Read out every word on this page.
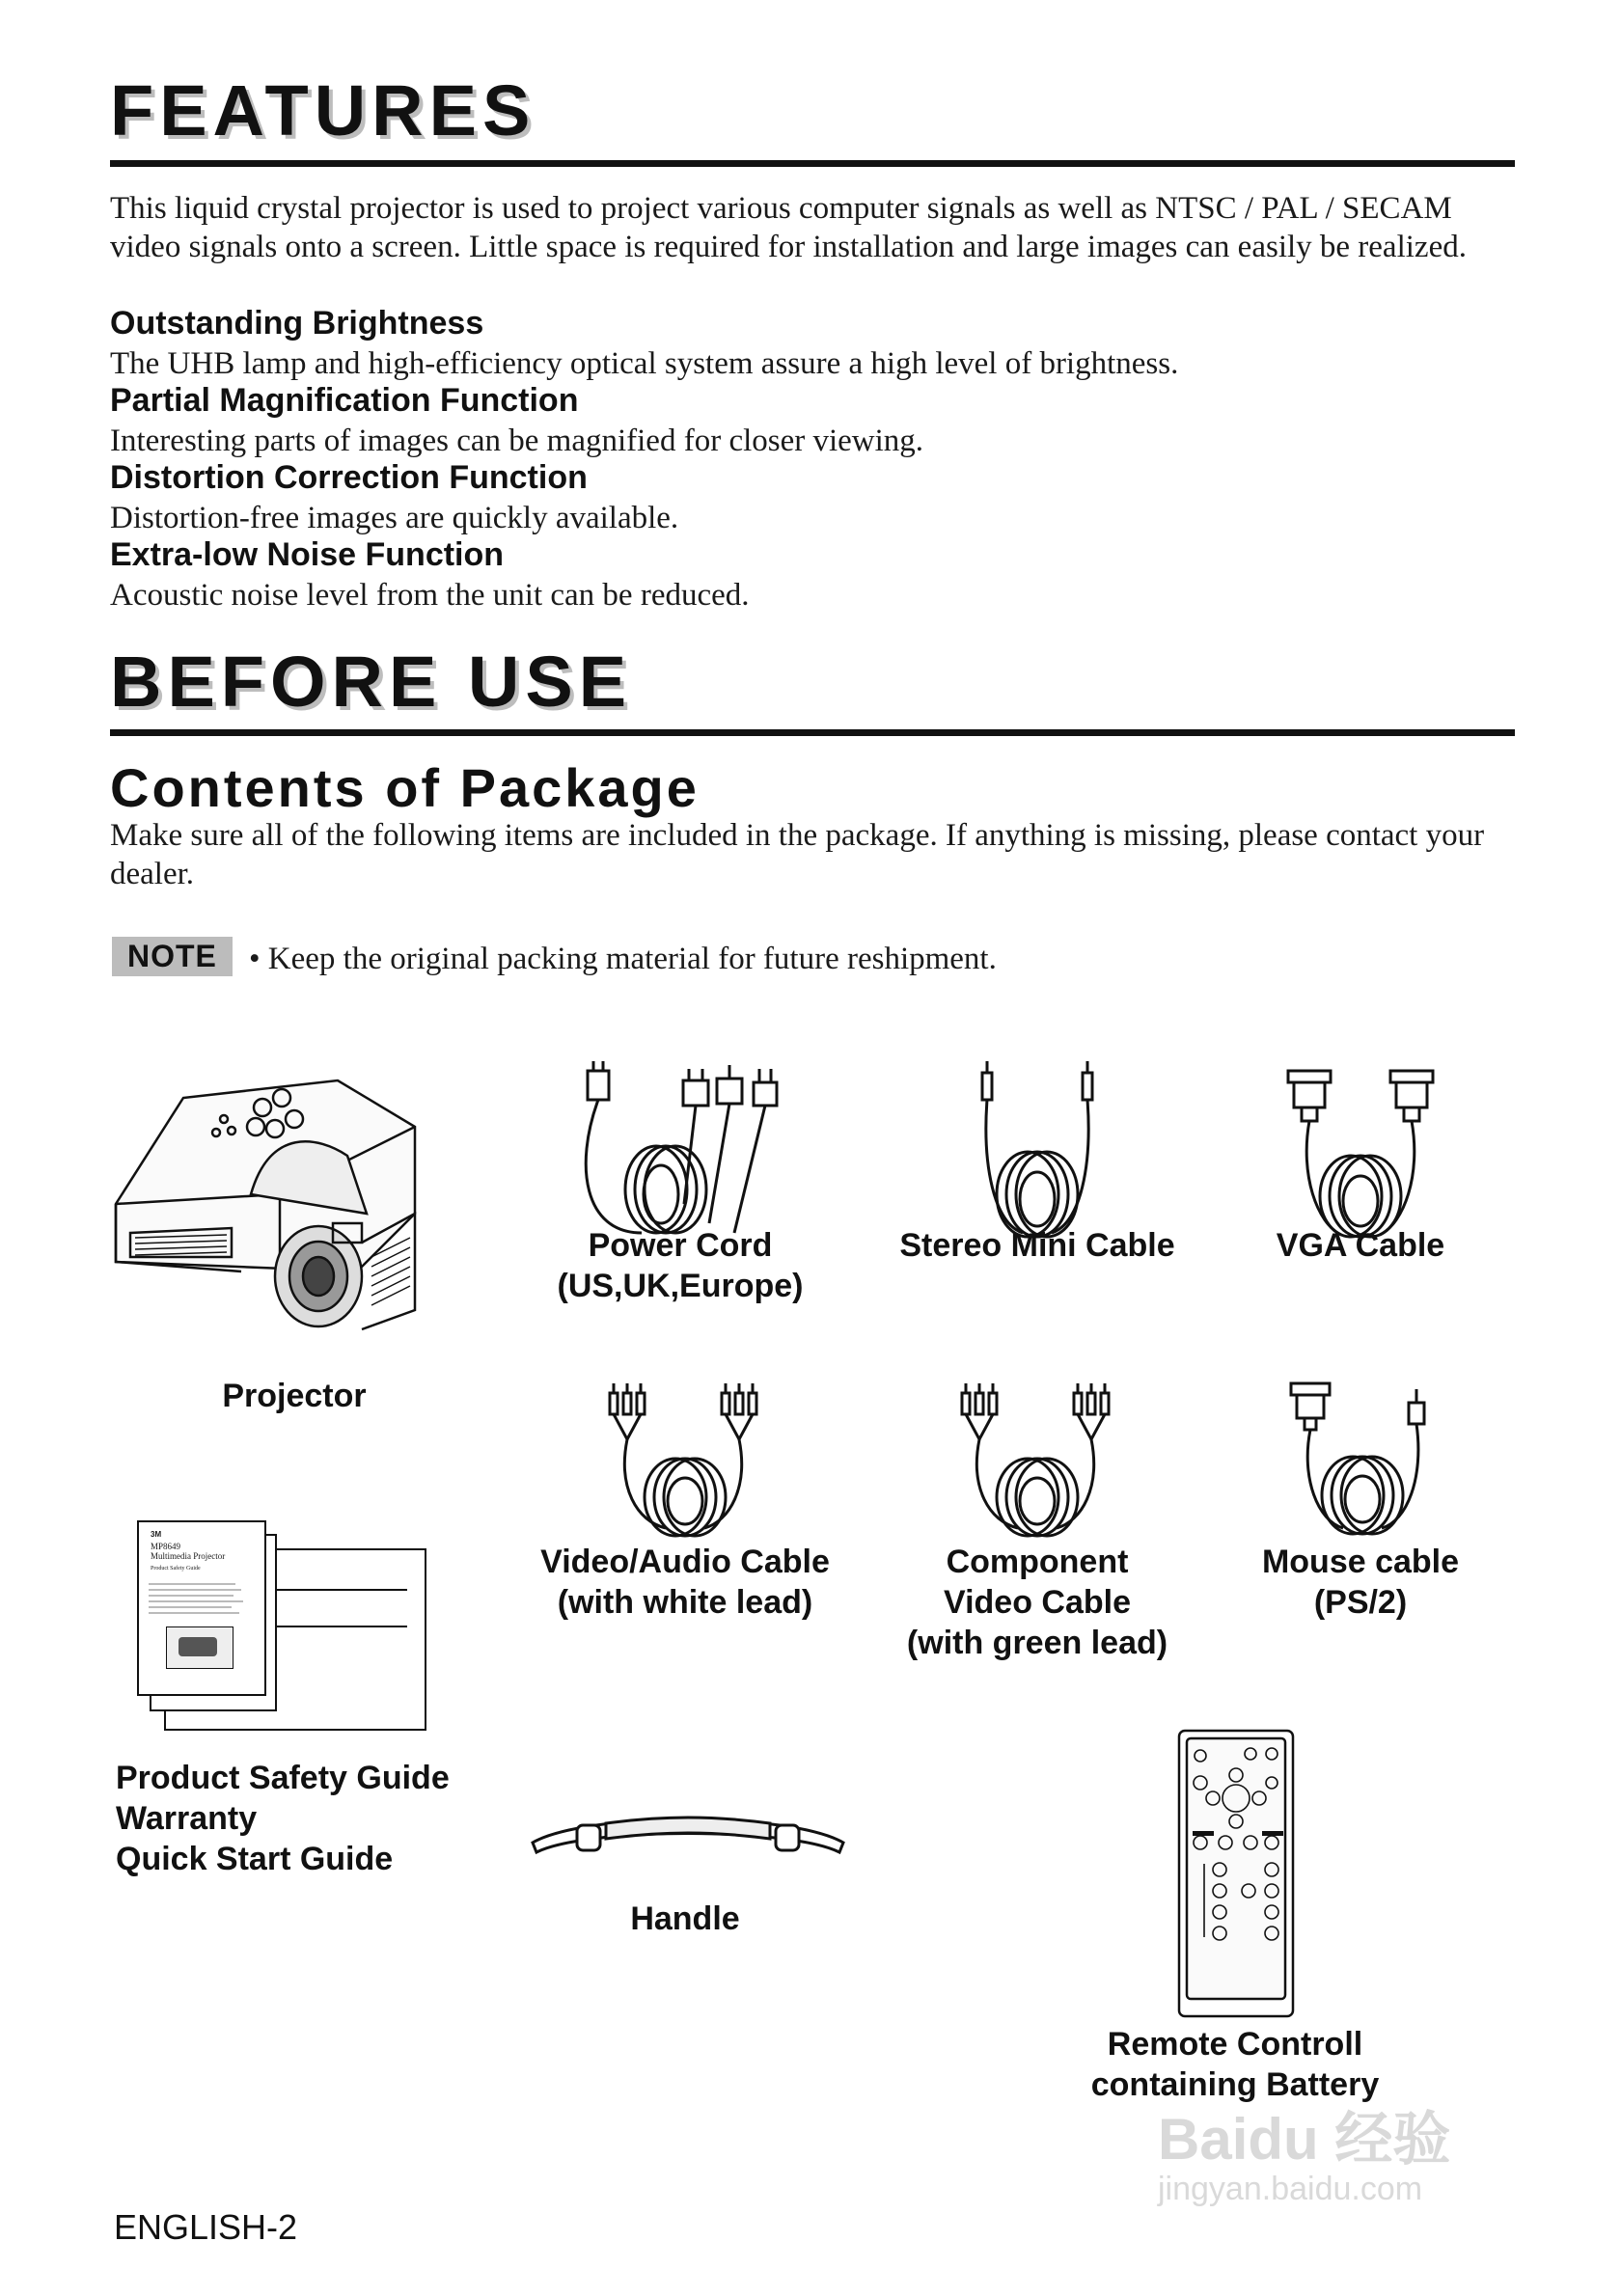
FEATURES
This liquid crystal projector is used to project various computer signals as well as NTSC / PAL / SECAM video signals onto a screen. Little space is required for installation and large images can easily be realized.
Outstanding Brightness
The UHB lamp and high-efficiency optical system assure a high level of brightness.
Partial Magnification Function
Interesting parts of images can be magnified for closer viewing.
Distortion Correction Function
Distortion-free images are quickly available.
Extra-low Noise Function
Acoustic noise level from the unit can be reduced.
BEFORE USE
Contents of Package
Make sure all of the following items are included in the package. If anything is missing, please contact your dealer.
NOTE	• Keep the original packing material for future reshipment.
Projector
Power Cord
(US,UK,Europe)
Stereo Mini Cable	VGA Cable
Video/Audio Cable
(with white lead)
Component
Video Cable
(with green lead)
Mouse cable
(PS/2)
3M
MP8649
Multimedia Projector
Product Safety Guide
Product Safety Guide
Warranty
Quick Start Guide
Handle
Remote Controll
containing Battery
ENGLISH-2
Baidu 经验
jingyan.baidu.com
